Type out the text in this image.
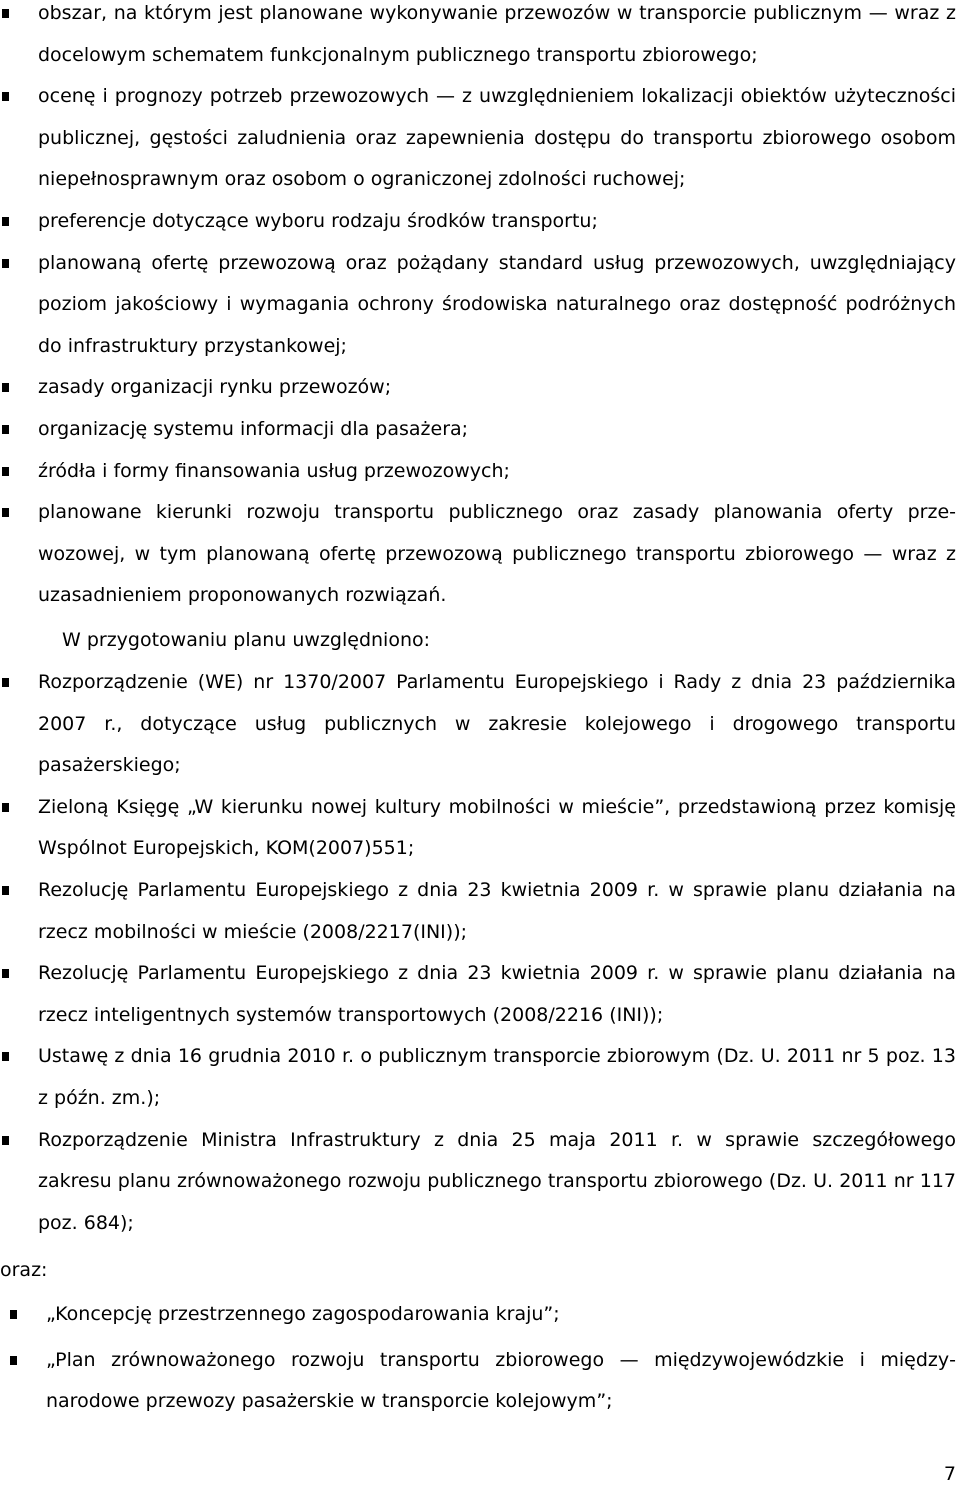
obszar, na którym jest planowane wykonywanie przewozów w transporcie publicznym — wraz z docelowym schematem funkcjonalnym publicznego transportu zbiorowego;
ocenę i prognozy potrzeb przewozowych — z uwzględnieniem lokalizacji obiektów użyteczności publicznej, gęstości zaludnienia oraz zapewnienia dostępu do transportu zbiorowego osobom niepełnosprawnym oraz osobom o ograniczonej zdolności ruchowej;
preferencje dotyczące wyboru rodzaju środków transportu;
planowaną ofertę przewozową oraz pożądany standard usług przewozowych, uwzględniający poziom jakościowy i wymagania ochrony środowiska naturalnego oraz dostępność podróżnych do infrastruktury przystankowej;
zasady organizacji rynku przewozów;
organizację systemu informacji dla pasażera;
źródła i formy finansowania usług przewozowych;
planowane kierunki rozwoju transportu publicznego oraz zasady planowania oferty przewozowej, w tym planowaną ofertę przewozową publicznego transportu zbiorowego — wraz z uzasadnieniem proponowanych rozwiązań.

W przygotowaniu planu uwzględniono:

Rozporządzenie (WE) nr 1370/2007 Parlamentu Europejskiego i Rady z dnia 23 października 2007 r., dotyczące usług publicznych w zakresie kolejowego i drogowego transportu pasażerskiego;
Zieloną Księgę „W kierunku nowej kultury mobilności w mieście”, przedstawioną przez komisję Wspólnot Europejskich, KOM(2007)551;
Rezolucję Parlamentu Europejskiego z dnia 23 kwietnia 2009 r. w sprawie planu działania na rzecz mobilności w mieście (2008/2217(INI));
Rezolucję Parlamentu Europejskiego z dnia 23 kwietnia 2009 r. w sprawie planu działania na rzecz inteligentnych systemów transportowych (2008/2216 (INI));
Ustawę z dnia 16 grudnia 2010 r. o publicznym transporcie zbiorowym (Dz. U. 2011 nr 5 poz. 13 z późn. zm.);
Rozporządzenie Ministra Infrastruktury z dnia 25 maja 2011 r. w sprawie szczegółowego zakresu planu zrównoważonego rozwoju publicznego transportu zbiorowego (Dz. U. 2011 nr 117 poz. 684);

oraz:

„Koncepcję przestrzennego zagospodarowania kraju”;
„Plan zrównoważonego rozwoju transportu zbiorowego — międzywojewódzkie i międzynarodowe przewozy pasażerskie w transporcie kolejowym”;

7
